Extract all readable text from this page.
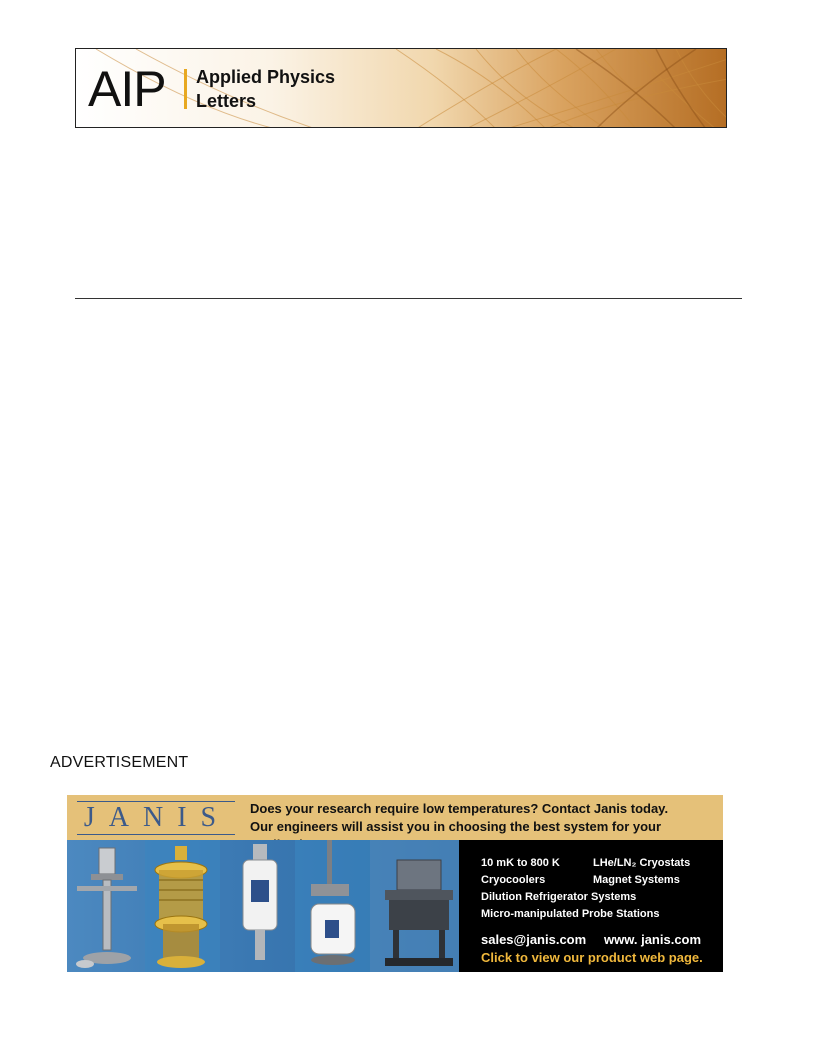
AIP Applied Physics
Letters
ADVERTISEMENT
JANIS	Does your research require low temperatures? Contact Janis today.
Our engineers will assist you in choosing the best system for your
10 mK to 800 K	LHe/LN₂ Cryostats
Cryocoolers	Magnet Systems
Dilution Refrigerator Systems
Micro-manipulated Probe Stations
sales@janis.com www. janis.com
Click to view our product web page.
